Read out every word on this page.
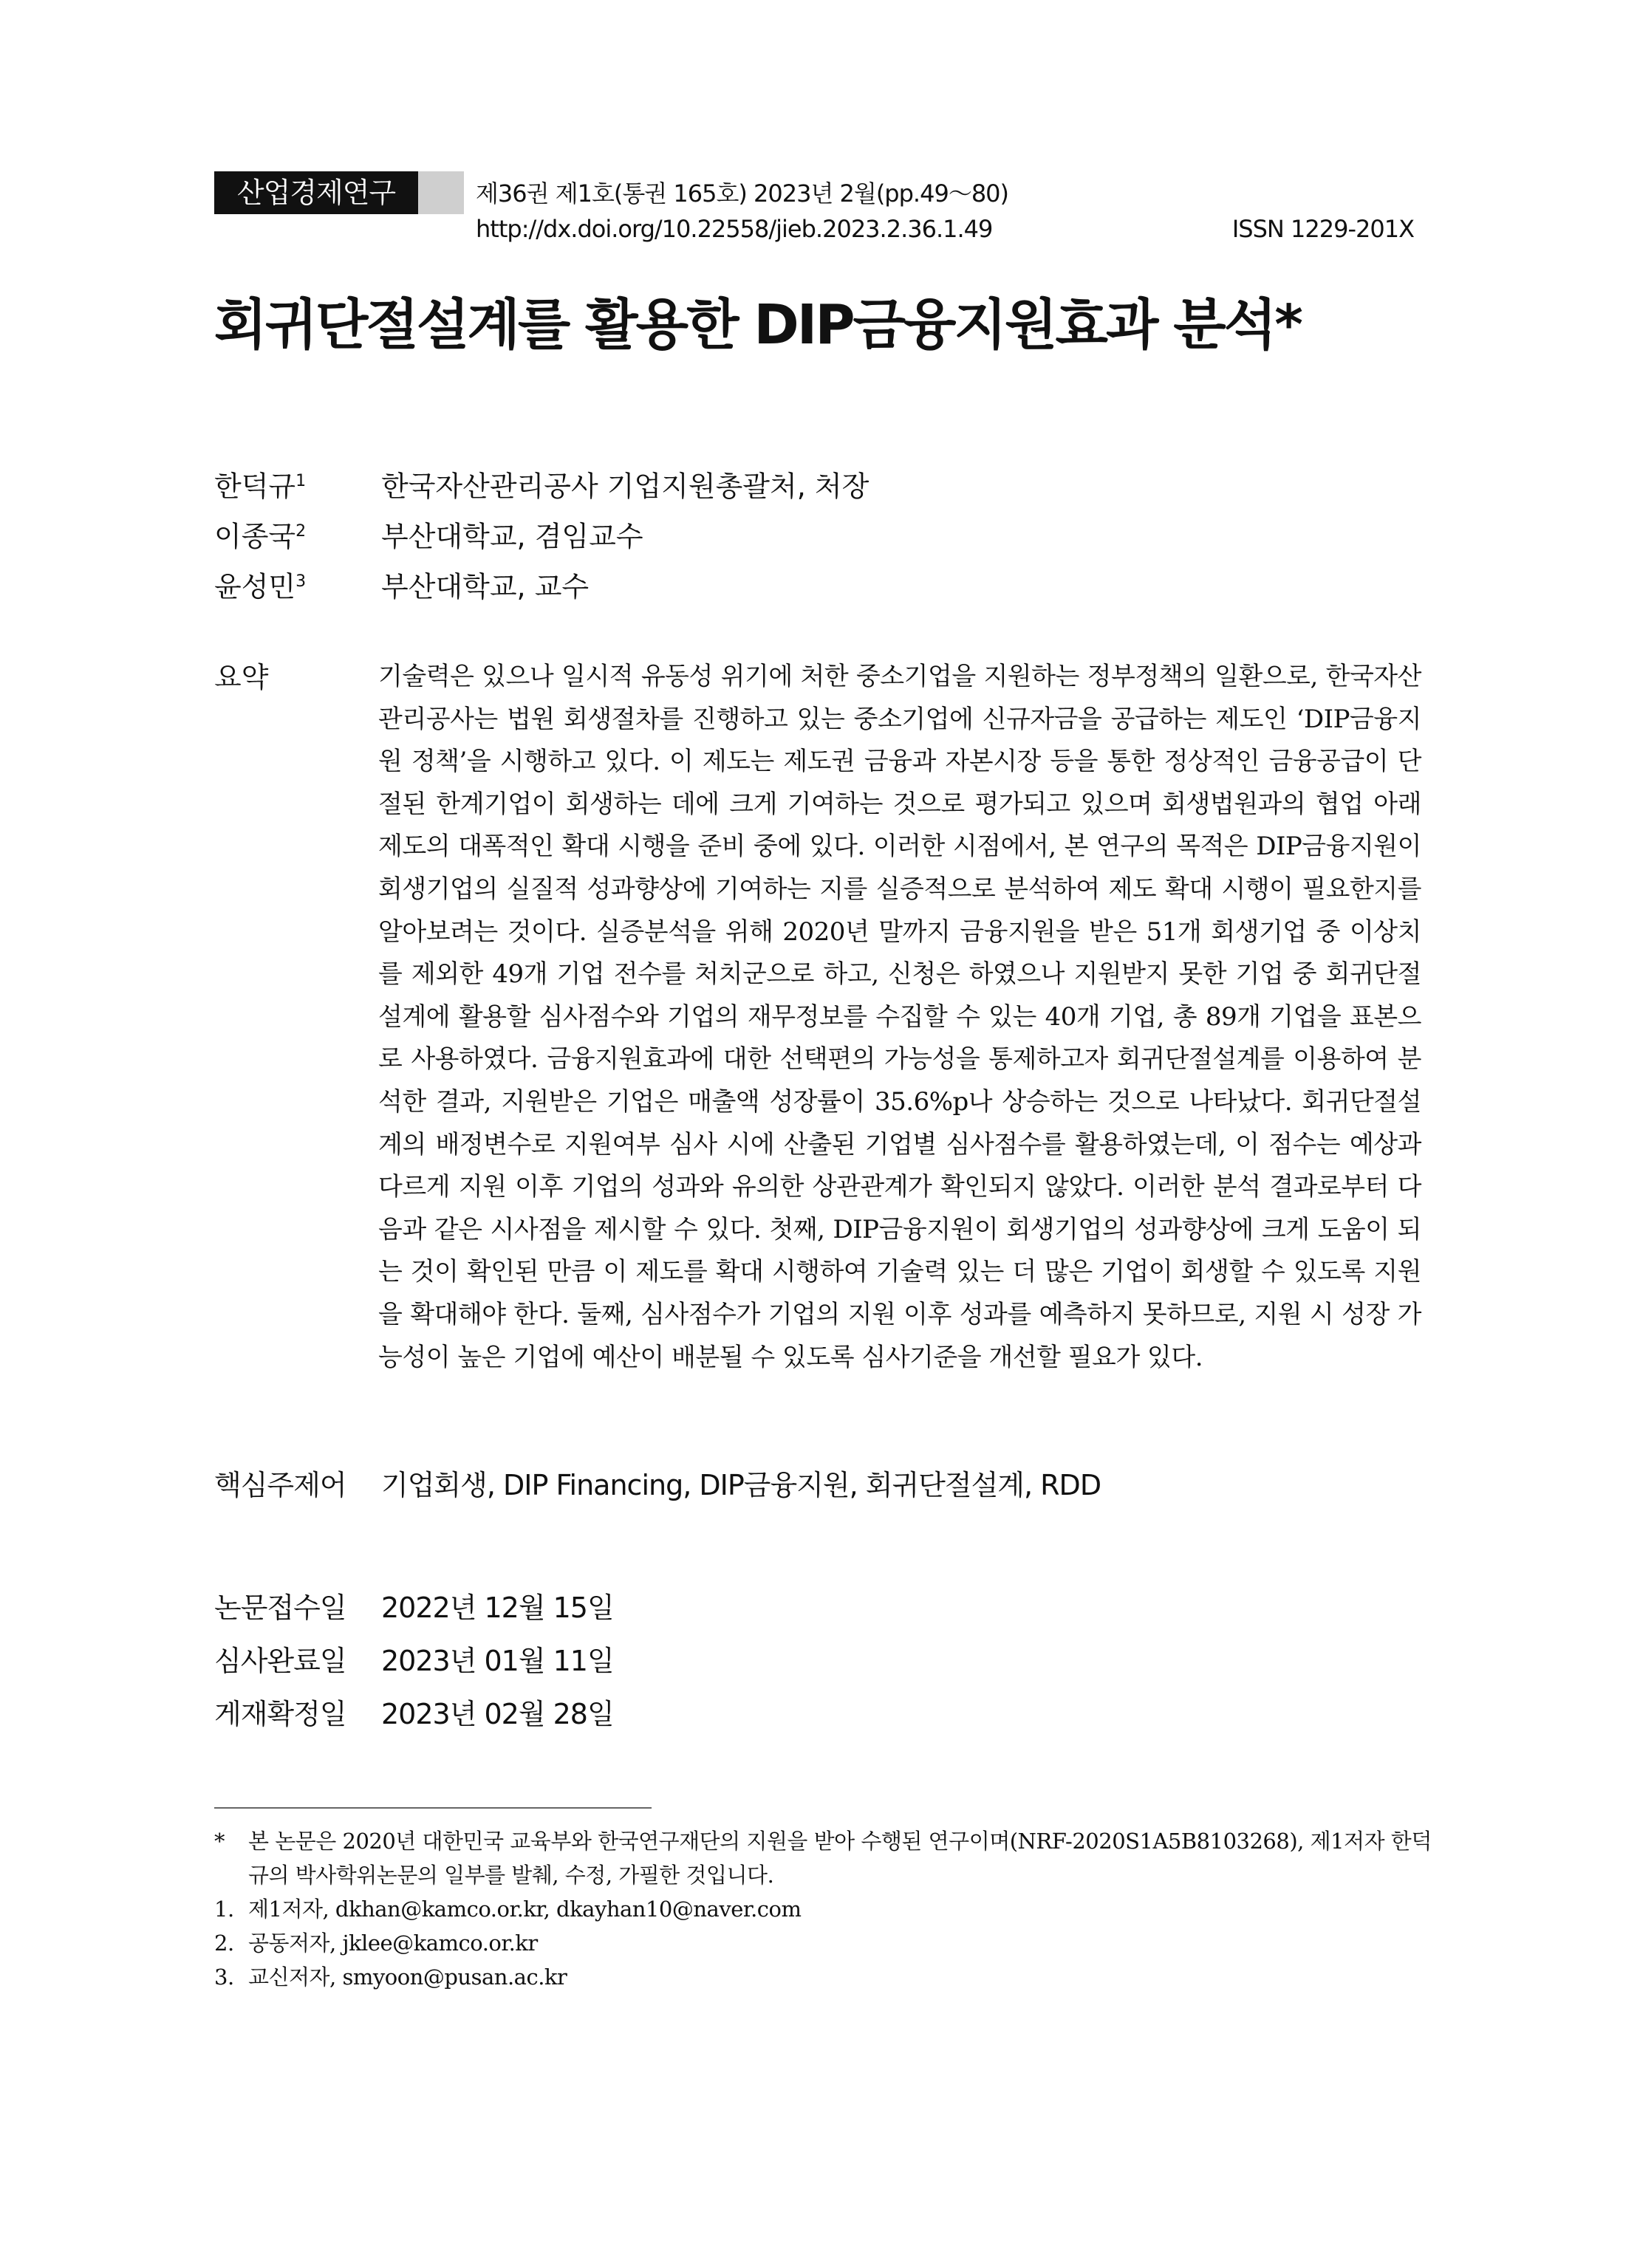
산업경제연구	제36권 제1호(통권 165호) 2023년 2월(pp.49～80)
http://dx.doi.org/10.22558/jieb.2023.2.36.1.49	ISSN 1229-201X
회귀단절설계를 활용한 DIP금융지원효과 분석*
한덕규$^1$	한국자산관리공사 기업지원총괄처, 처장
이종국$^2$	부산대학교, 겸임교수
윤성민$^3$	부산대학교, 교수
요약	기술력은 있으나 일시적 유동성 위기에 처한 중소기업을 지원하는 정부정책의 일환으로, 한국자산관리공사는 법원 회생절차를 진행하고 있는 중소기업에 신규자금을 공급하는 제도인 ‘DIP금융지원 정책’을 시행하고 있다. 이 제도는 제도권 금융과 자본시장 등을 통한 정상적인 금융공급이 단절된 한계기업이 회생하는 데에 크게 기여하는 것으로 평가되고 있으며 회생법원과의 협업 아래 제도의 대폭적인 확대 시행을 준비 중에 있다. 이러한 시점에서, 본 연구의 목적은 DIP금융지원이 회생기업의 실질적 성과향상에 기여하는 지를 실증적으로 분석하여 제도 확대 시행이 필요한지를 알아보려는 것이다. 실증분석을 위해 2020년 말까지 금융지원을 받은 51개 회생기업 중 이상치를 제외한 49개 기업 전수를 처치군으로 하고, 신청은 하였으나 지원받지 못한 기업 중 회귀단절설계에 활용할 심사점수와 기업의 재무정보를 수집할 수 있는 40개 기업, 총 89개 기업을 표본으로 사용하였다. 금융지원효과에 대한 선택편의 가능성을 통제하고자 회귀단절설계를 이용하여 분석한 결과, 지원받은 기업은 매출액 성장률이 35.6%p나 상승하는 것으로 나타났다. 회귀단절설계의 배정변수로 지원여부 심사 시에 산출된 기업별 심사점수를 활용하였는데, 이 점수는 예상과 다르게 지원 이후 기업의 성과와 유의한 상관관계가 확인되지 않았다. 이러한 분석 결과로부터 다음과 같은 시사점을 제시할 수 있다. 첫째, DIP금융지원이 회생기업의 성과향상에 크게 도움이 되는 것이 확인된 만큼 이 제도를 확대 시행하여 기술력 있는 더 많은 기업이 회생할 수 있도록 지원을 확대해야 한다. 둘째, 심사점수가 기업의 지원 이후 성과를 예측하지 못하므로, 지원 시 성장 가능성이 높은 기업에 예산이 배분될 수 있도록 심사기준을 개선할 필요가 있다.
핵심주제어 기업회생, DIP Financing, DIP금융지원, 회귀단절설계, RDD
논문접수일 2022년 12월 15일
심사완료일 2023년 01월 11일
게재확정일 2023년 02월 28일
*	본 논문은 2020년 대한민국 교육부와 한국연구재단의 지원을 받아 수행된 연구이며(NRF-2020S1A5B8103268), 제1저자 한덕규의 박사학위논문의 일부를 발췌, 수정, 가필한 것입니다.
1. 제1저자, dkhan@kamco.or.kr, dkayhan10@naver.com
2. 공동저자, jklee@kamco.or.kr
3. 교신저자, smyoon@pusan.ac.kr
